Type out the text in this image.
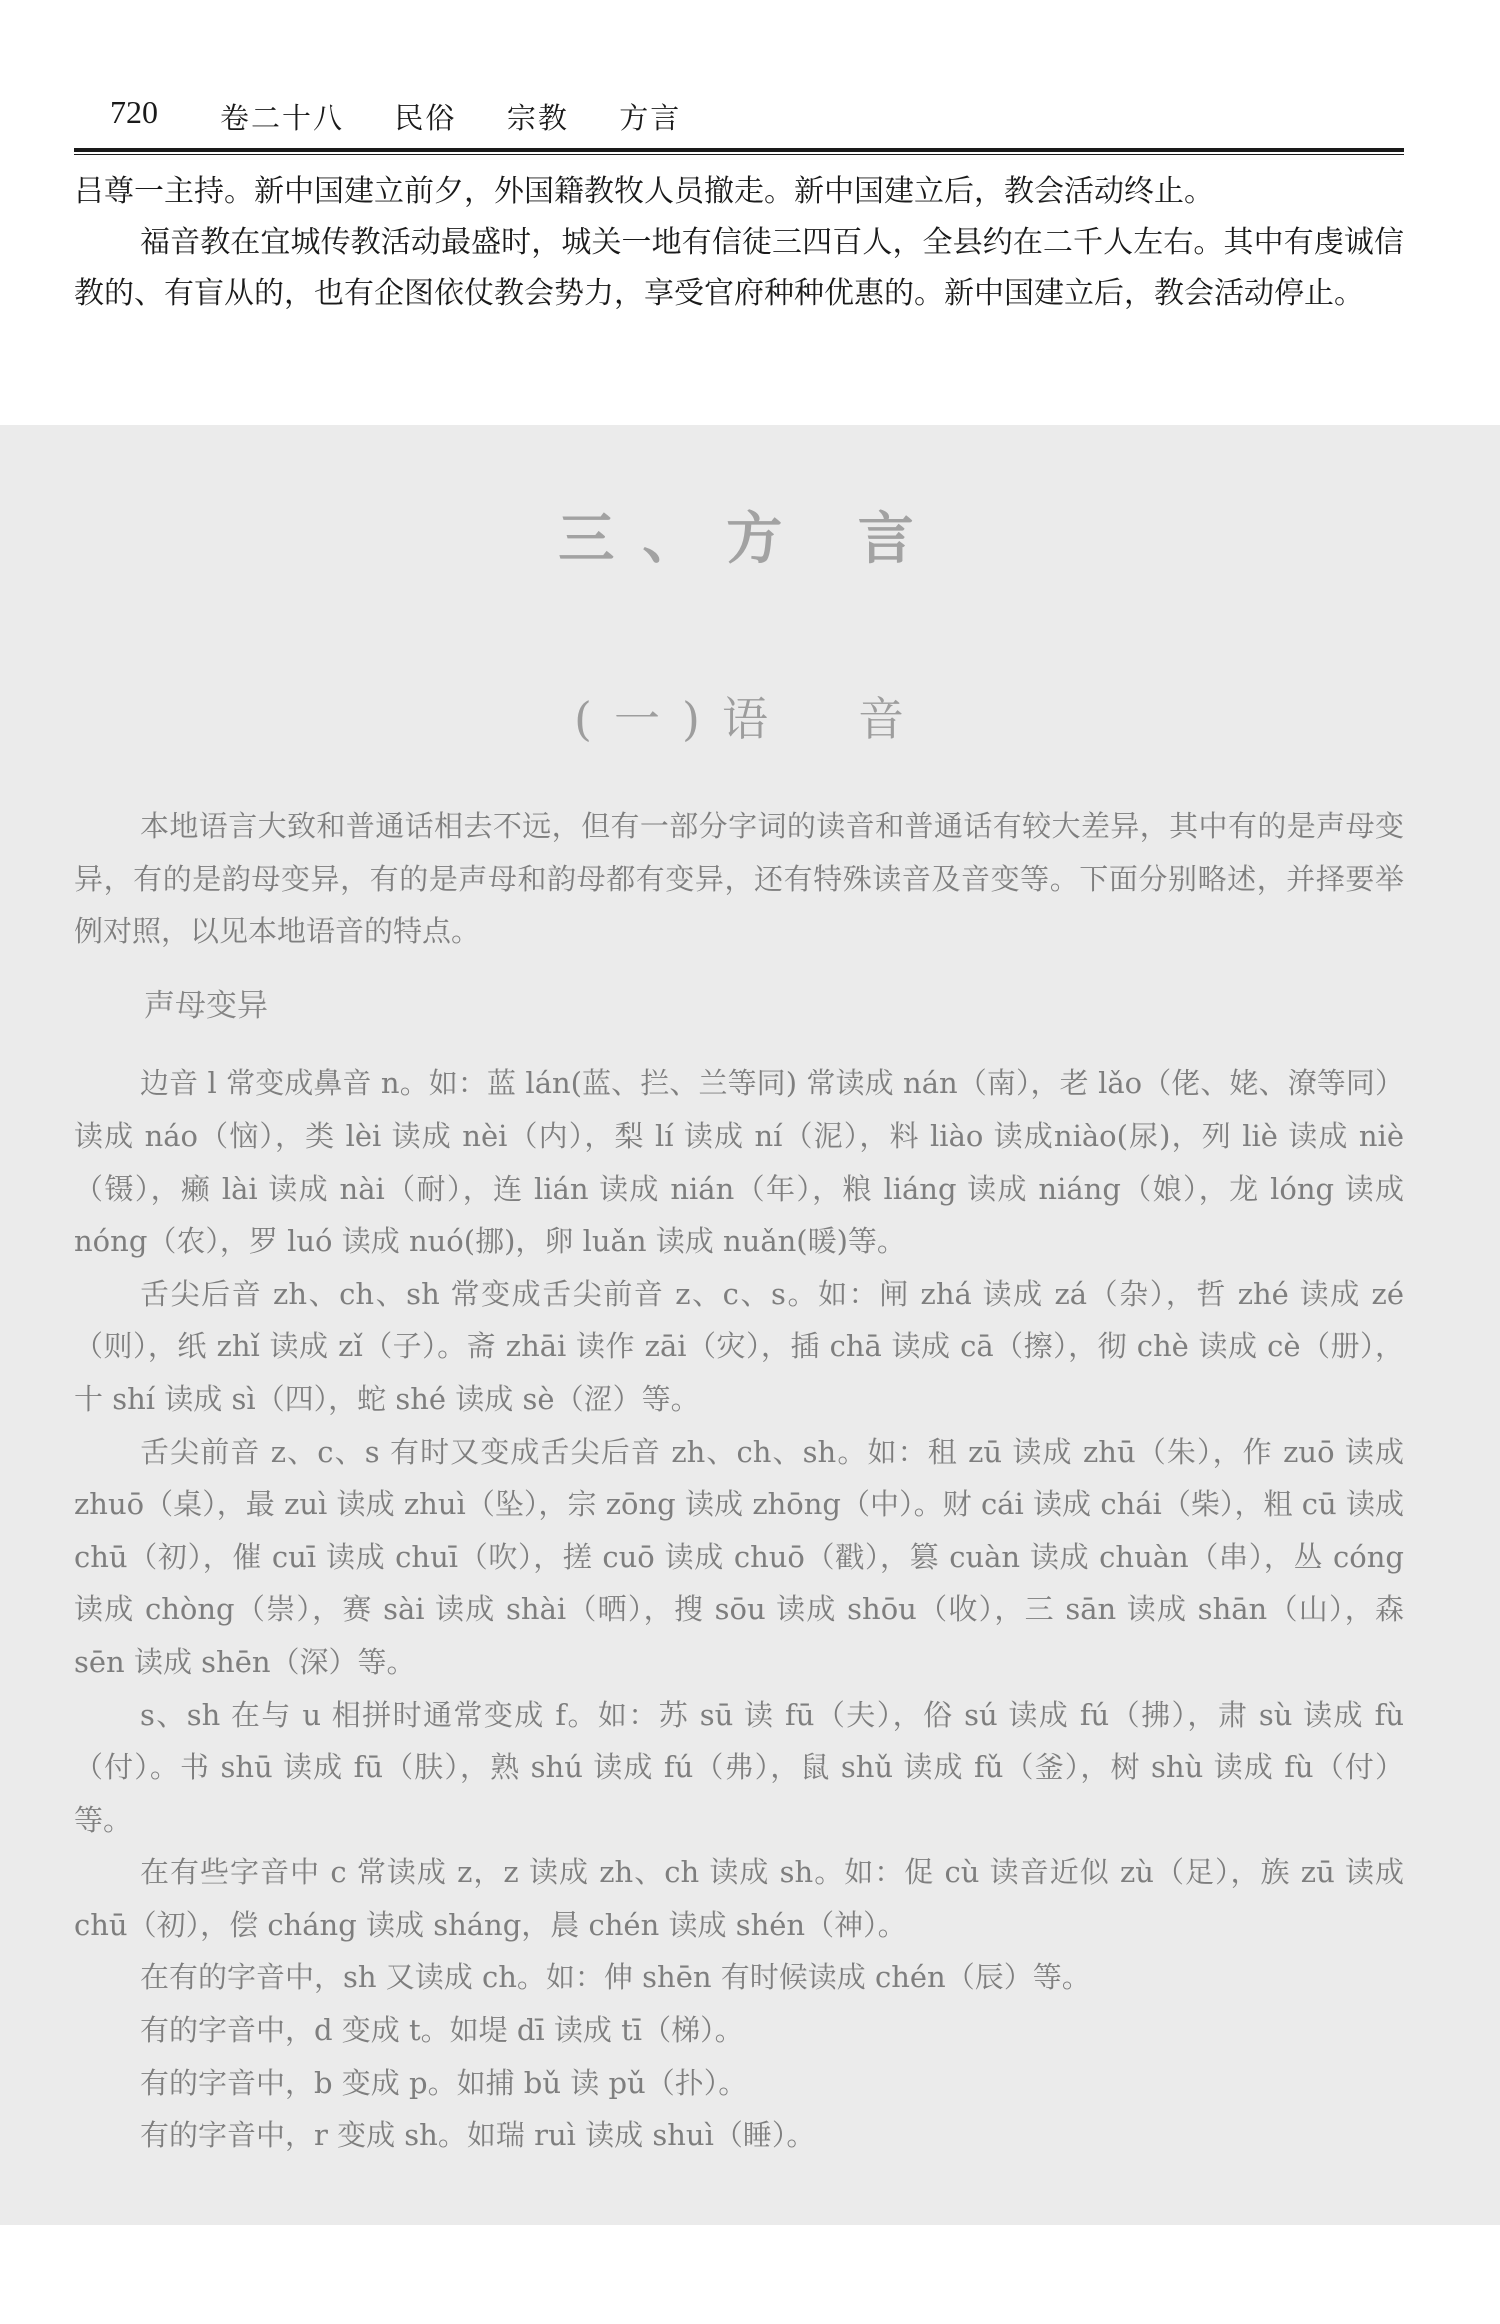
720 卷二十八  民俗  宗教  方言

吕尊一主持。新中国建立前夕，外国籍教牧人员撤走。新中国建立后，教会活动终止。

福音教在宜城传教活动最盛时，城关一地有信徒三四百人，全县约在二千人左右。其中有虔诚信教的、有盲从的，也有企图依仗教会势力，享受官府种种优惠的。新中国建立后，教会活动停止。

三、方 言
(一)语　音

本地语言大致和普通话相去不远，但有一部分字词的读音和普通话有较大差异，其中有的是声母变异，有的是韵母变异，有的是声母和韵母都有变异，还有特殊读音及音变等。下面分别略述，并择要举例对照，以见本地语音的特点。

声母变异

边音 l 常变成鼻音 n。如：蓝 lán(蓝、拦、兰等同) 常读成 nán（南），老 lǎo（佬、姥、潦等同）读成 náo（恼），类 lèi 读成 nèi（内），梨 lí 读成 ní（泥），料 liào 读成niào(尿)，列 liè 读成 niè（镊），癞 lài 读成 nài（耐），连 lián 读成 nián（年），粮 liáng 读成 niáng（娘），龙 lóng 读成 nóng（农），罗 luó 读成 nuó(挪)，卵 luǎn 读成 nuǎn(暖)等。

舌尖后音 zh、ch、sh 常变成舌尖前音 z、c、s。如：闸 zhá 读成 zá（杂），哲 zhé 读成 zé（则），纸 zhǐ 读成 zǐ（子）。斋 zhāi 读作 zāi（灾），插 chā 读成 cā（擦），彻 chè 读成 cè（册），十 shí 读成 sì（四），蛇 shé 读成 sè（涩）等。

舌尖前音 z、c、s 有时又变成舌尖后音 zh、ch、sh。如：租 zū 读成 zhū（朱），作 zuō 读成 zhuō（桌），最 zuì 读成 zhuì（坠），宗 zōng 读成 zhōng（中）。财 cái 读成 chái（柴），粗 cū 读成 chū（初），催 cuī 读成 chuī（吹），搓 cuō 读成 chuō（戳），篡 cuàn 读成 chuàn（串），丛 cóng 读成 chòng（崇），赛 sài 读成 shài（晒），搜 sōu 读成 shōu（收），三 sān 读成 shān（山），森 sēn 读成 shēn（深）等。

s、sh 在与 u 相拼时通常变成 f。如：苏 sū 读 fū（夫），俗 sú 读成 fú（拂），肃 sù 读成 fù（付）。书 shū 读成 fū（肤），熟 shú 读成 fú（弗），鼠 shǔ 读成 fǔ（釜），树 shù 读成 fù（付）等。

在有些字音中 c 常读成 z，z 读成 zh、ch 读成 sh。如：促 cù 读音近似 zù（足），族 zū 读成 chū（初），偿 cháng 读成 sháng，晨 chén 读成 shén（神）。

在有的字音中，sh 又读成 ch。如：伸 shēn 有时候读成 chén（辰）等。

有的字音中，d 变成 t。如堤 dī 读成 tī（梯）。

有的字音中，b 变成 p。如捕 bǔ 读 pǔ（扑）。

有的字音中，r 变成 sh。如瑞 ruì 读成 shuì（睡）。
